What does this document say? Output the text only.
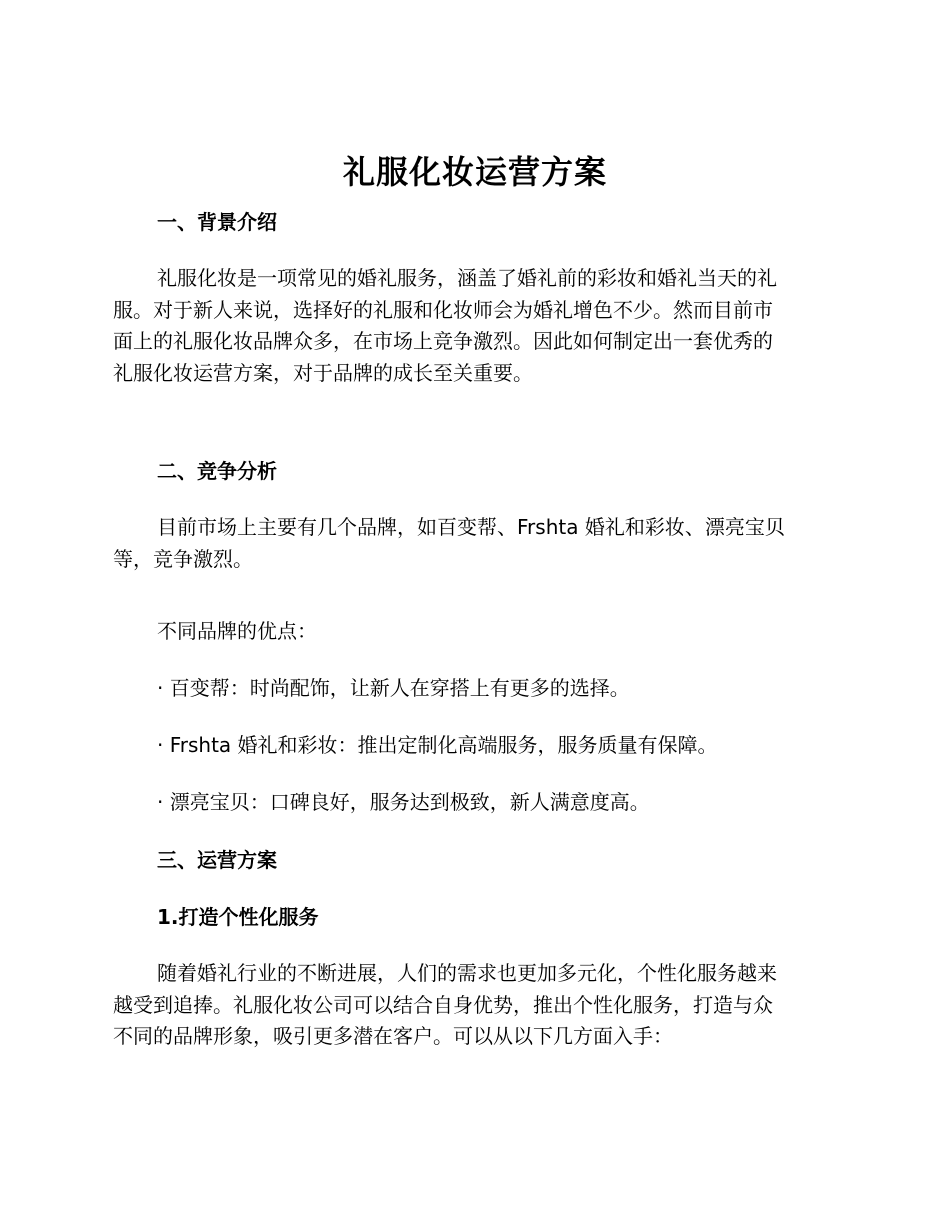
礼服化妆运营方案
一、背景介绍
礼服化妆是一项常见的婚礼服务，涵盖了婚礼前的彩妆和婚礼当天的礼
服。对于新人来说，选择好的礼服和化妆师会为婚礼增色不少。然而目前市
面上的礼服化妆品牌众多，在市场上竞争激烈。因此如何制定出一套优秀的
礼服化妆运营方案，对于品牌的成长至关重要。
二、竞争分析
目前市场上主要有几个品牌，如百变帮、Frshta 婚礼和彩妆、漂亮宝贝
等，竞争激烈。
不同品牌的优点：
· 百变帮：时尚配饰，让新人在穿搭上有更多的选择。
· Frshta 婚礼和彩妆：推出定制化高端服务，服务质量有保障。
· 漂亮宝贝：口碑良好，服务达到极致，新人满意度高。
三、运营方案
1.打造个性化服务
随着婚礼行业的不断进展，人们的需求也更加多元化，个性化服务越来
越受到追捧。礼服化妆公司可以结合自身优势，推出个性化服务，打造与众
不同的品牌形象，吸引更多潜在客户。可以从以下几方面入手：
